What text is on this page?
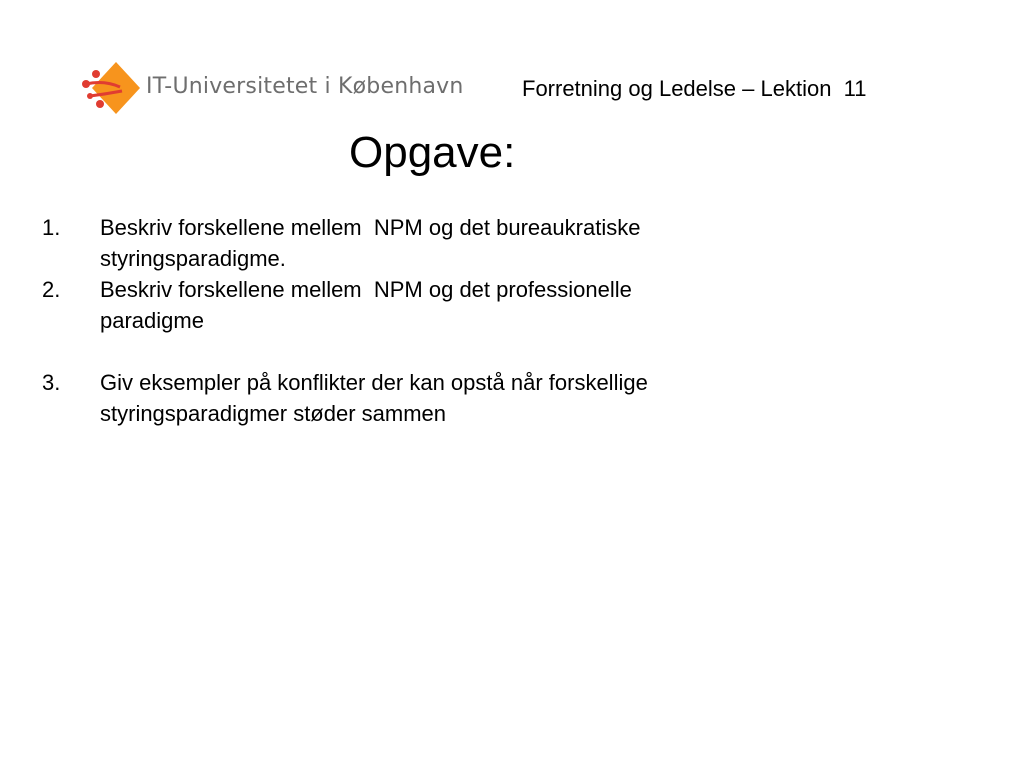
IT-Universitetet i København	Forretning og Ledelse – Lektion  11
Opgave:
1. Beskriv forskellene mellem  NPM og det bureaukratiske
styringsparadigme.
2. Beskriv forskellene mellem  NPM og det professionelle
paradigme
3. Giv eksempler på konflikter der kan opstå når forskellige
styringsparadigmer støder sammen
